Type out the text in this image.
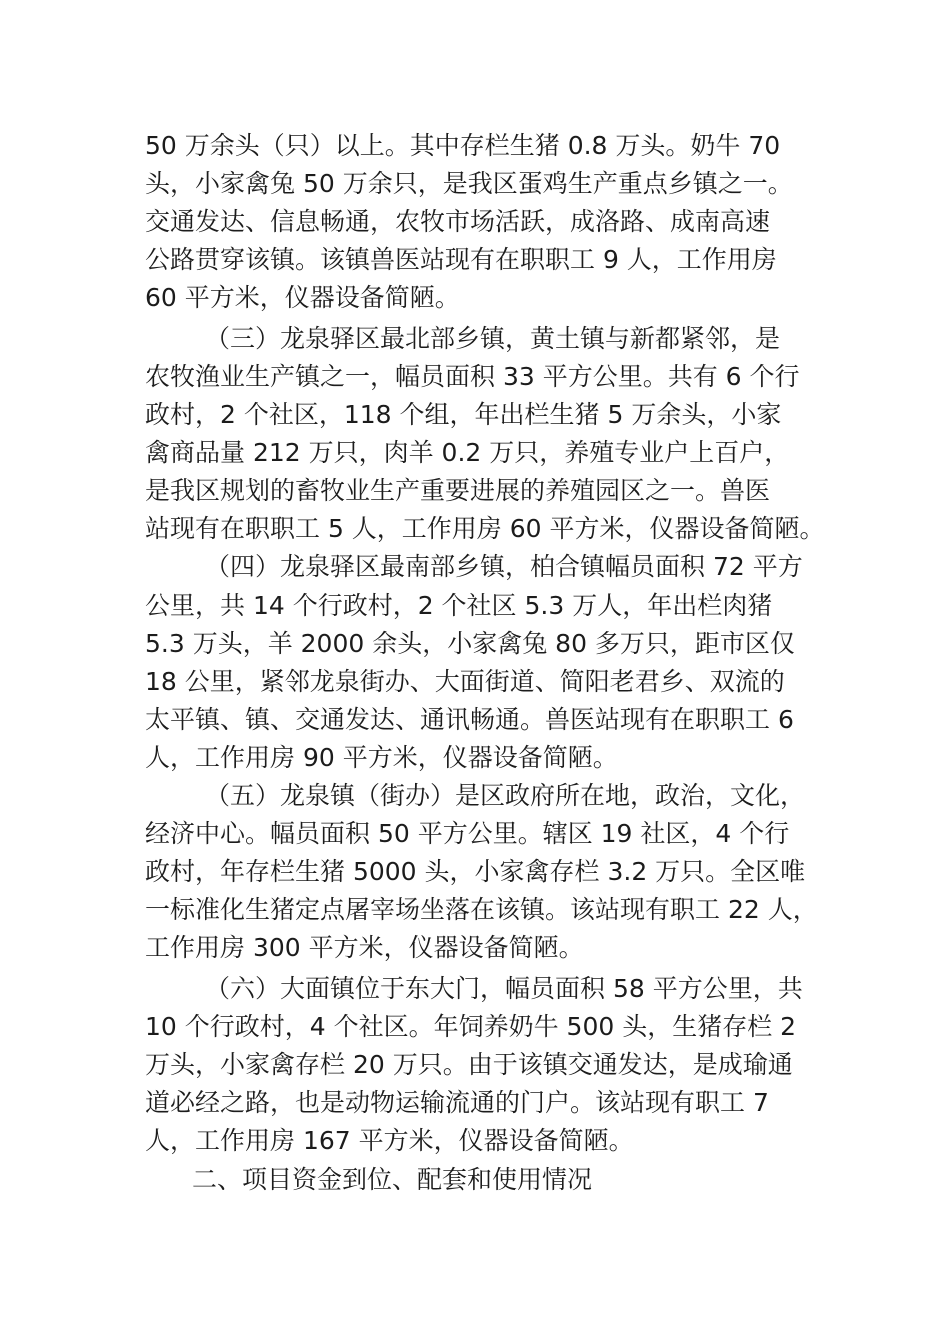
50 万余头（只）以上。其中存栏生猪 0.8 万头。奶牛 70
头，小家禽兔 50 万余只，是我区蛋鸡生产重点乡镇之一。
交通发达、信息畅通，农牧市场活跃，成洛路、成南高速
公路贯穿该镇。该镇兽医站现有在职职工 9 人，工作用房
60 平方米，仪器设备简陋。
（三）龙泉驿区最北部乡镇，黄土镇与新都紧邻，是
农牧渔业生产镇之一，幅员面积 33 平方公里。共有 6 个行
政村，2 个社区，118 个组，年出栏生猪 5 万余头，小家
禽商品量 212 万只，肉羊 0.2 万只，养殖专业户上百户，
是我区规划的畜牧业生产重要进展的养殖园区之一。兽医
站现有在职职工 5 人，工作用房 60 平方米，仪器设备简陋。
（四）龙泉驿区最南部乡镇，柏合镇幅员面积 72 平方
公里，共 14 个行政村，2 个社区 5.3 万人，年出栏肉猪
5.3 万头，羊 2000 余头，小家禽兔 80 多万只，距市区仅
18 公里，紧邻龙泉街办、大面街道、简阳老君乡、双流的
太平镇、镇、交通发达、通讯畅通。兽医站现有在职职工 6
人，工作用房 90 平方米，仪器设备简陋。
（五）龙泉镇（街办）是区政府所在地，政治，文化，
经济中心。幅员面积 50 平方公里。辖区 19 社区，4 个行
政村，年存栏生猪 5000 头，小家禽存栏 3.2 万只。全区唯
一标准化生猪定点屠宰场坐落在该镇。该站现有职工 22 人，
工作用房 300 平方米，仪器设备简陋。
（六）大面镇位于东大门，幅员面积 58 平方公里，共
10 个行政村，4 个社区。年饲养奶牛 500 头，生猪存栏 2
万头，小家禽存栏 20 万只。由于该镇交通发达，是成瑜通
道必经之路，也是动物运输流通的门户。该站现有职工 7
人，工作用房 167 平方米，仪器设备简陋。
二、项目资金到位、配套和使用情况
